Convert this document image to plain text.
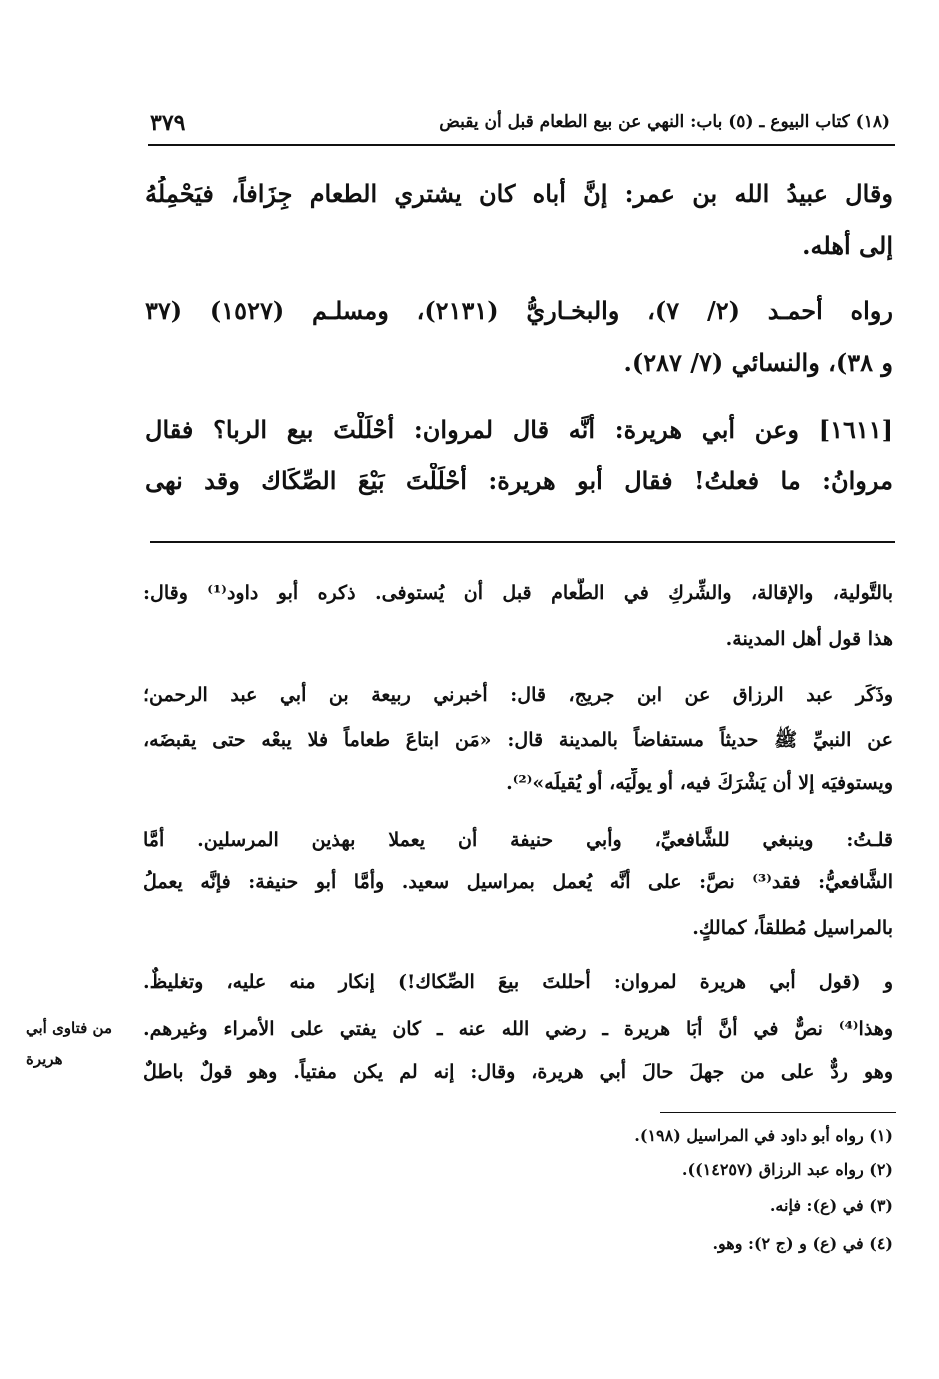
(١٨) كتاب البيوع ـ (٥) باب: النهي عن بيع الطعام قبل أن يقبض
٣٧٩
وقال عبيدُ الله بن عمر: إنَّ أباه كان يشتري الطعام جِزَافاً، فيَحْمِلُهُ
إلى أهله.
رواه أحمـد (٢/ ٧)، والبخـاريُّ (٢١٣١)، ومسلـم (١٥٢٧) (٣٧
و ٣٨)، والنسائي (٧/ ٢٨٧).
[١٦١١] وعن أبي هريرة: أنَّه قال لمروان: أحْلَلْتَ بيع الربا؟ فقال
مروانُ: ما فعلتُ! فقال أبو هريرة: أحْلَلْتَ بَيْعَ الصِّكَاك وقد نهى
بالتَّولية، والإقالة، والشِّركِ في الطَّعام قبل أن يُستوفى. ذكره أبو داود⁽¹⁾ وقال:
هذا قول أهل المدينة.
وذَكَر عبد الرزاق عن ابن جريج، قال: أخبرني ربيعة بن أبي عبد الرحمن؛
عن النبيِّ ﷺ حديثاً مستفاضاً بالمدينة قال: «مَن ابتاعَ طعاماً فلا يبعْه حتى يقبضَه،
ويستوفيَه إلا أن يَشْرَكَ فيه، أو يولِّيَه، أو يُقيلَه»⁽²⁾.
قلـتُ: وينبغي للشَّافعيِّ، وأبي حنيفة أن يعملا بهذين المرسلين. أمَّا
الشَّافعيُّ: فقد⁽³⁾ نصَّ: على أنَّه يُعمل بمراسيل سعيد. وأمَّا أبو حنيفة: فإنَّه يعملُ
بالمراسيل مُطلقاً، كمالكٍ.
و (قول أبي هريرة لمروان: أحللتَ بيعَ الصِّكاك!) إنكار منه عليه، وتغليظٌ.
وهذا⁽⁴⁾ نصٌّ في أنَّ أبَا هريرة ـ رضي الله عنه ـ كان يفتي على الأمراء وغيرهم.
وهو ردٌّ على من جهلَ حالَ أبي هريرة، وقال: إنه لم يكن مفتياً. وهو قولٌ باطلٌ
من فتاوى أبي
هريرة
(١) رواه أبو داود في المراسيل (١٩٨).
(٢) رواه عبد الرزاق (١٤٢٥٧)).
(٣) في (ع): فإنه.
(٤) في (ع) و (ج ٢): وهو.
